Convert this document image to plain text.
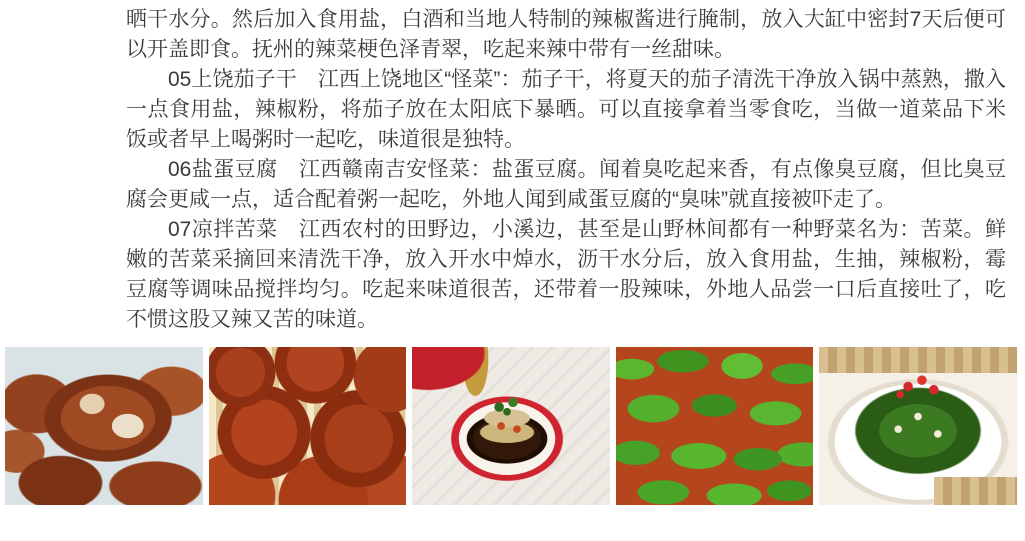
晒干水分。然后加入食用盐，白酒和当地人特制的辣椒酱进行腌制，放入大缸中密封7天后便可以开盖即食。抚州的辣菜梗色泽青翠，吃起来辣中带有一丝甜味。

05上饶茄子干　江西上饶地区“怪菜”：茄子干，将夏天的茄子清洗干净放入锅中蒸熟，撒入一点食用盐，辣椒粉，将茄子放在太阳底下暴晒。可以直接拿着当零食吃，当做一道菜品下米饭或者早上喝粥时一起吃，味道很是独特。

06盐蛋豆腐　江西赣南吉安怪菜：盐蛋豆腐。闻着臭吃起来香，有点像臭豆腐，但比臭豆腐会更咸一点，适合配着粥一起吃，外地人闻到咸蛋豆腐的“臭味”就直接被吓走了。

07凉拌苦菜　江西农村的田野边，小溪边，甚至是山野林间都有一种野菜名为：苦菜。鲜嫩的苦菜采摘回来清洗干净，放入开水中焯水，沥干水分后，放入食用盐，生抽，辣椒粉，霉豆腐等调味品搅拌均匀。吃起来味道很苦，还带着一股辣味，外地人品尝一口后直接吐了，吃不惯这股又辣又苦的味道。
